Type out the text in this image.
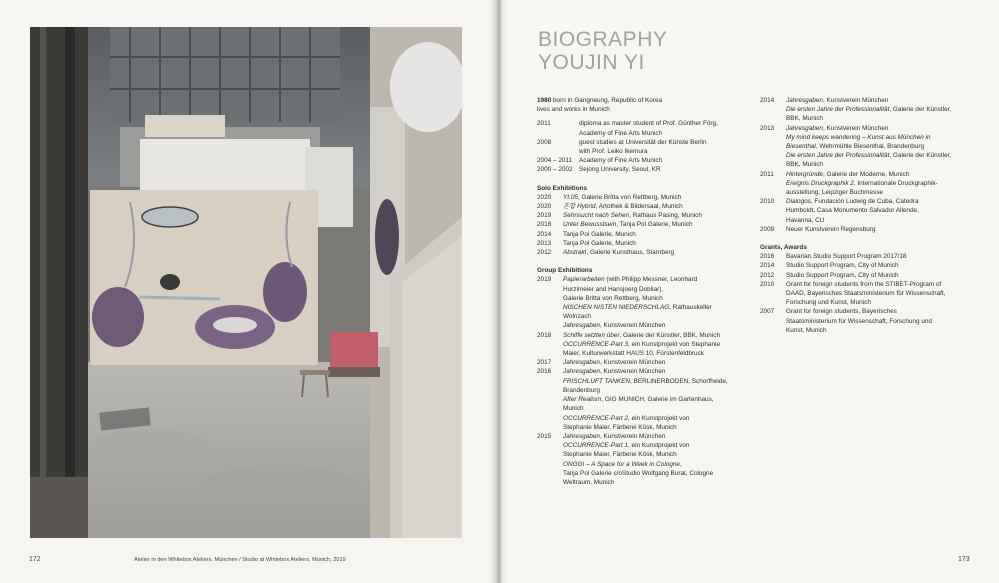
172	Atelier in den Whitebox Ateliers, München / Studio at Whitebox Ateliers, Munich, 2019
BIOGRAPHY
YOUJIN YI
1980 born in Gangneung, Republic of Korea
lives and works in Munich
2011	diploma as master student of Prof. Günther Förg,
Academy of Fine Arts Munich
2008	guest studies at Universität der Künste Berlin
with Prof. Leiko Ikemura
2004 – 2011	Academy of Fine Arts Munich
2000 – 2002	Sejong University, Seoul, KR
Solo Exhibitions
2020	YI.05, Galerie Britta von Rettberg, Munich
2020	혼합 Hybrid, Artothek & Bildersaal, Munich
2019	Sehnsucht nach Sehen, Rathaus Pasing, Munich
2018	Unter Bewusstsein, Tanja Pol Galerie, Munich
2014	Tanja Pol Galerie, Munich
2013	Tanja Pol Galerie, Munich
2012	Abstrakt, Galerie Kunsthaus, Starnberg
Group Exhibitions
2019	Papierarbeiten (with Philipp Messner, Leonhard
Hurzlmeier and Hansjoerg Dobliar),
Galerie Britta von Rettberg, Munich
NISCHEN NISTEN NIEDERSCHLAG, Rathauskeller
Wolnzach
Jahresgaben, Kunstverein München
2018	Schiffe setzten über, Galerie der Künstler, BBK, Munich
OCCURRENCE-Part 3, ein Kunstprojekt von Stephanie
Maier, Kulturwerkstatt HAUS 10, Fürstenfeldbruck
2017	Jahresgaben, Kunstverein München
2016	Jahresgaben, Kunstverein München
FRISCHLUFT TANKEN, BERLINERBODEN, Schorfheide,
Brandenburg
After Realism, GIG MUNICH, Galerie im Gartenhaus,
Munich
OCCURRENCE-Part 2, ein Kunstprojekt von
Stephanie Maier, Färberei Kösk, Munich
2015	Jahresgaben, Kunstverein München
OCCURRENCE-Part 1, ein Kunstprojekt von
Stephanie Maier, Färberei Kösk, Munich
ONGGI – A Space for a Week in Cologne,
Tanja Pol Galerie c/oStudio Wolfgang Burat, Cologne
Weltraum, Munich
2014	Jahresgaben, Kunstverein München
Die ersten Jahre der Professionalität, Galerie der Künstler,
BBK, Munich
2013	Jahresgaben, Kunstverein München
My mind keeps wandering – Kunst aus München in
Biesenthal, Wehrmühle Biesenthal, Brandenburg
Die ersten Jahre der Professionalität, Galerie der Künstler,
BBK, Munich
2011	Hintergründe, Galerie der Moderne, Munich
Ereignis Druckgraphik 2, Internationale Druckgraphik-
ausstellung, Leipziger Buchmesse
2010	Dialogos, Fundación Ludwig de Cuba, Catedra
Humboldt, Casa Monumento Salvador Allende,
Havanna, CU
2009	Neuer Kunstverein Regensburg
Grants, Awards
2016	Bavarian Studio Support Program 2017/18
2014	Studio Support Program, City of Munich
2012	Studio Support Program, City of Munich
2010	Grant for foreign students from the STIBET-Program of
DAAD, Bayerisches Staatsministerium für Wissenschaft,
Forschung und Kunst, Munich
2007	Grant for foreign students, Bayerisches
Staatsministerium für Wissenschaft, Forschung und
Kunst, Munich
173
